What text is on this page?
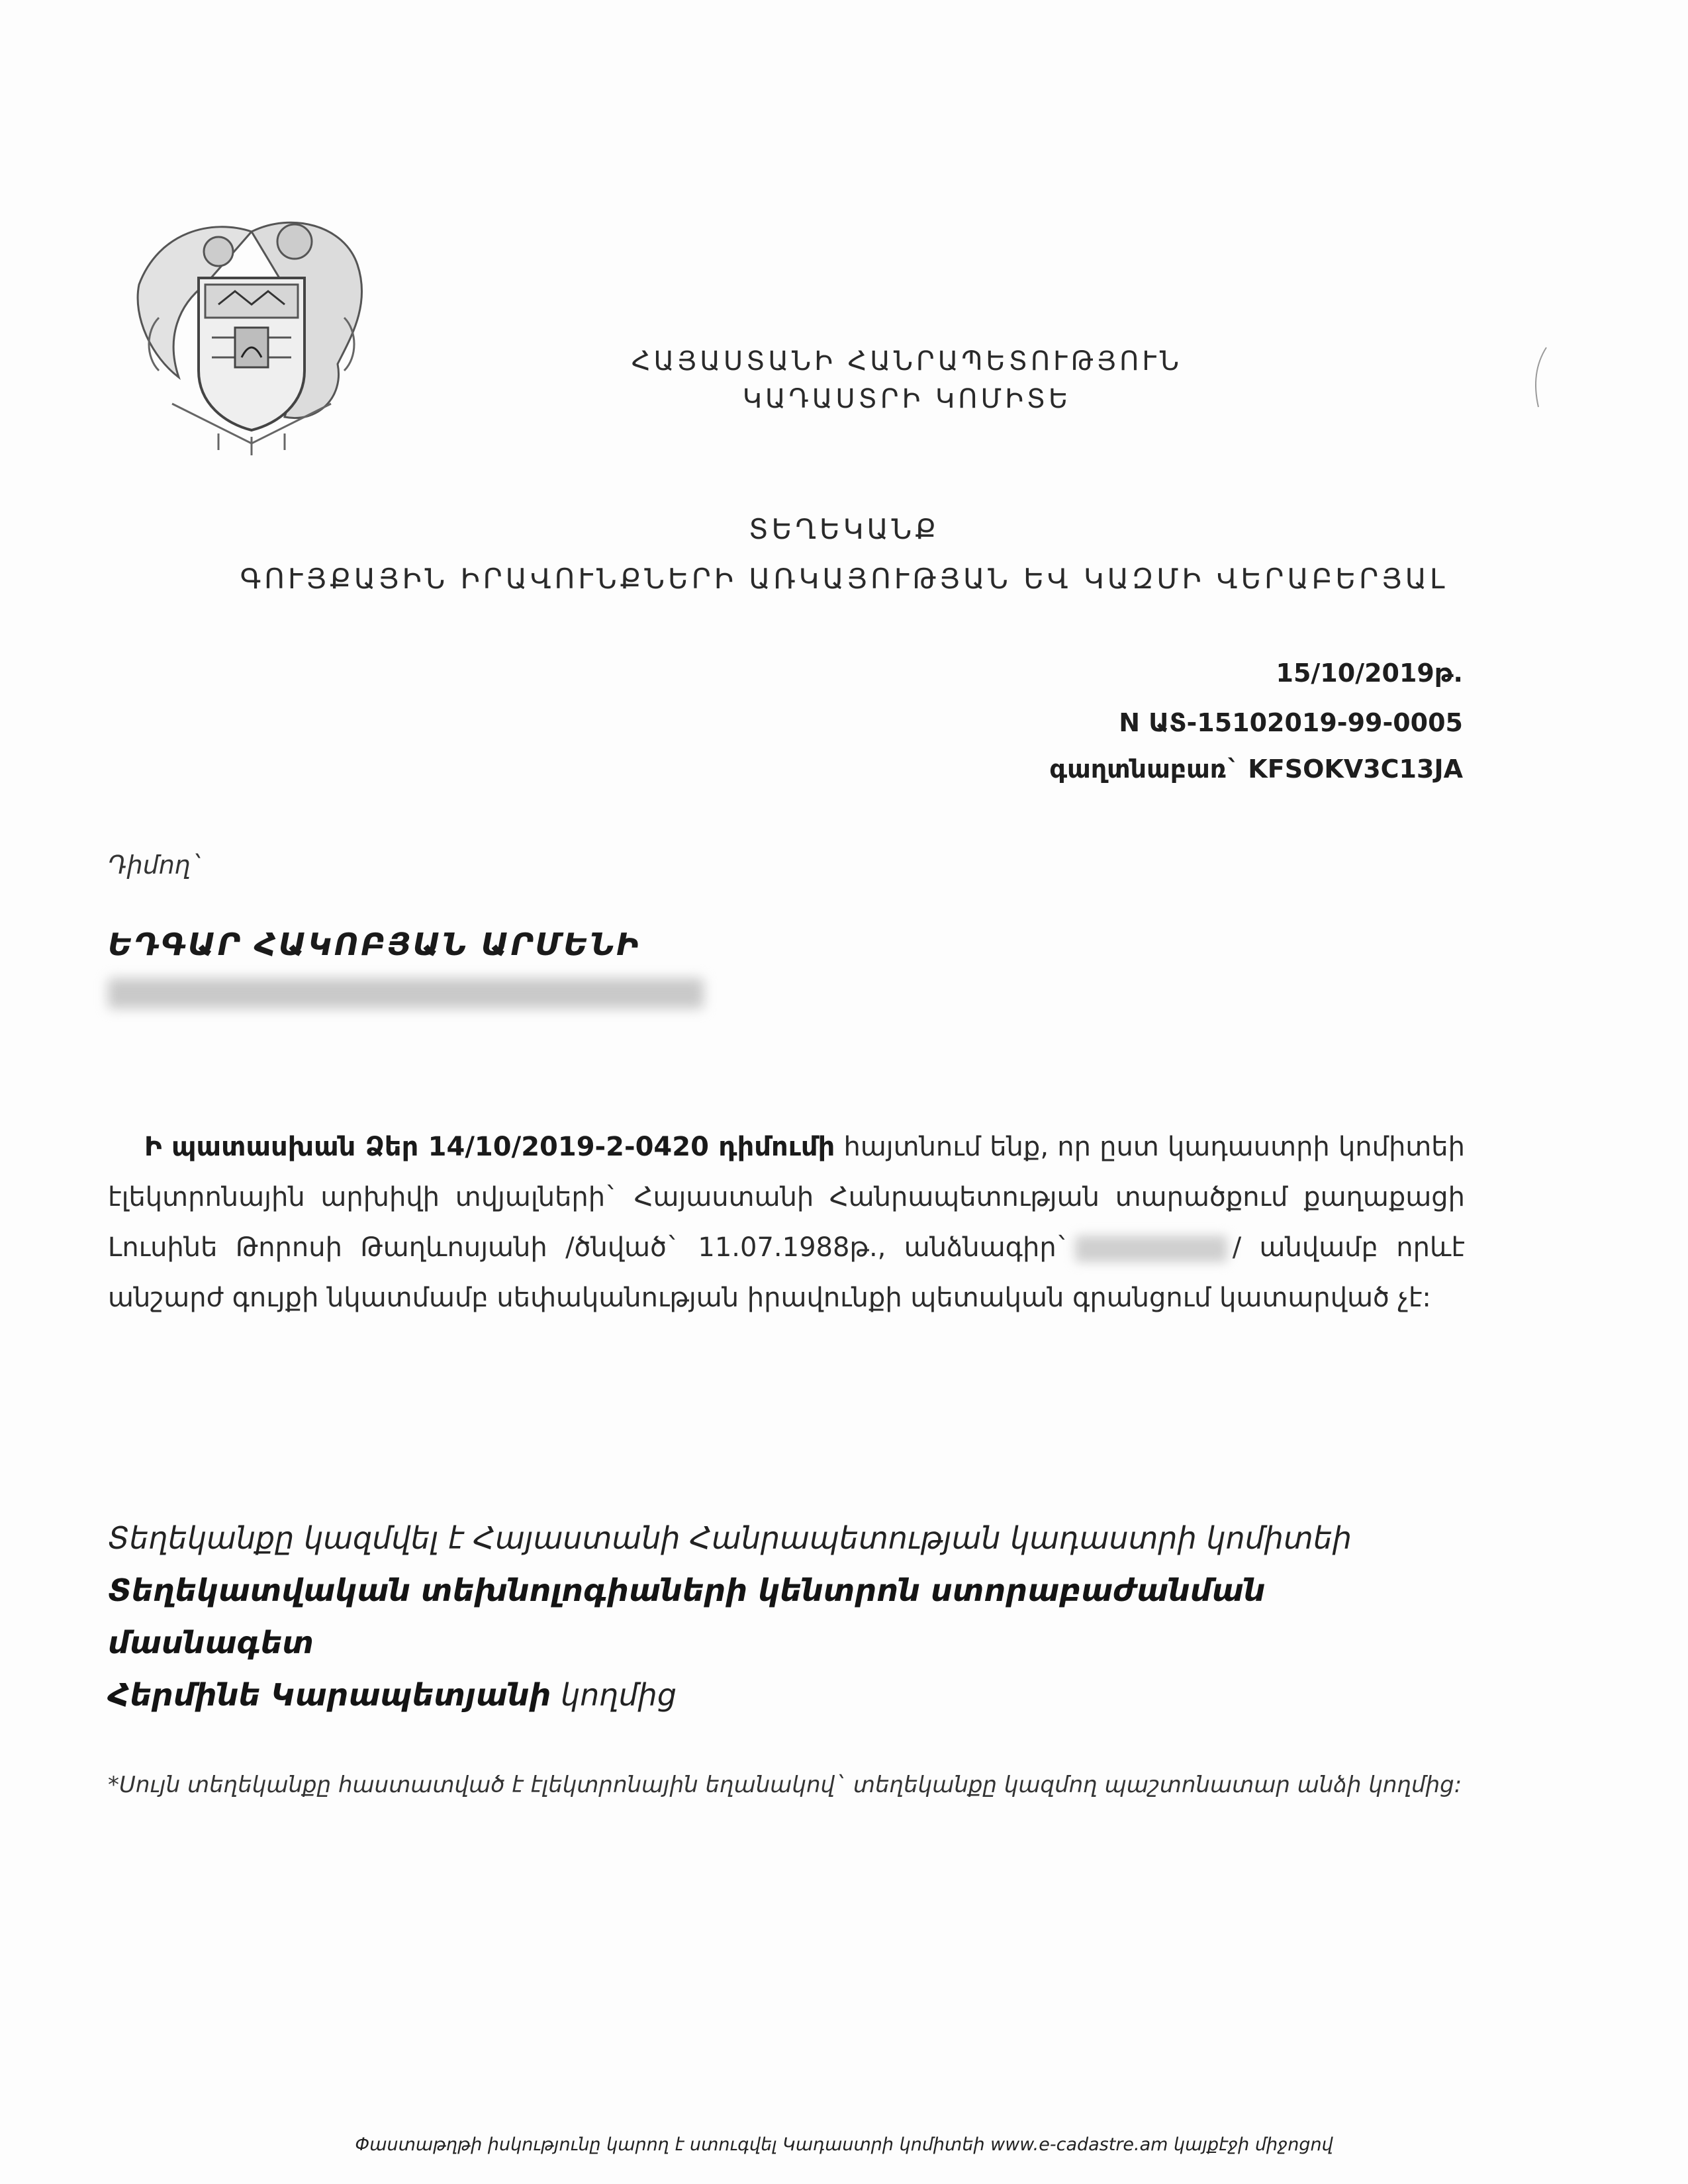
ՀԱՅԱՍՏԱՆԻ ՀԱՆՐԱՊԵՏՈՒԹՅՈՒՆ
ԿԱԴԱՍՏՐԻ ԿՈՄԻՏԵ
ՏԵՂԵԿԱՆՔ
ԳՈՒՅՔԱՅԻՆ ԻՐԱՎՈՒՆՔՆԵՐԻ ԱՌԿԱՅՈՒԹՅԱՆ ԵՎ ԿԱԶՄԻ ՎԵՐԱԲԵՐՅԱԼ
15/10/2019թ.
N ԱՏ-15102019-99-0005
գաղտնաբառ` KFSOKV3C13JA
Դիմող`
ԵԴԳԱՐ ՀԱԿՈԲՅԱՆ ԱՐՄԵՆԻ
Ի պատասխան Ձեր 14/10/2019-2-0420 դիմումի հայտնում ենք, որ ըստ կադաստրի կոմիտեի էլեկտրոնային արխիվի տվյալների` Հայաստանի Հանրապետության տարածքում քաղաքացի Լուսինե Թորոսի Թաղևոսյանի /ծնված` 11.07.1988թ., անձնագիր`	/ անվամբ որևէ անշարժ գույքի նկատմամբ սեփականության իրավունքի պետական գրանցում կատարված չէ:
Տեղեկանքը կազմվել է Հայաստանի Հանրապետության կադաստրի կոմիտեի
Տեղեկատվական տեխնոլոգիաների կենտրոն ստորաբաժանման
մասնագետ
Հերմինե Կարապետյանի կողմից
*Սույն տեղեկանքը հաստատված է էլեկտրոնային եղանակով` տեղեկանքը կազմող պաշտոնատար անձի կողմից:
Փաստաթղթի իսկությունը կարող է ստուգվել Կադաստրի կոմիտեի www.e-cadastre.am կայքէջի միջոցով
